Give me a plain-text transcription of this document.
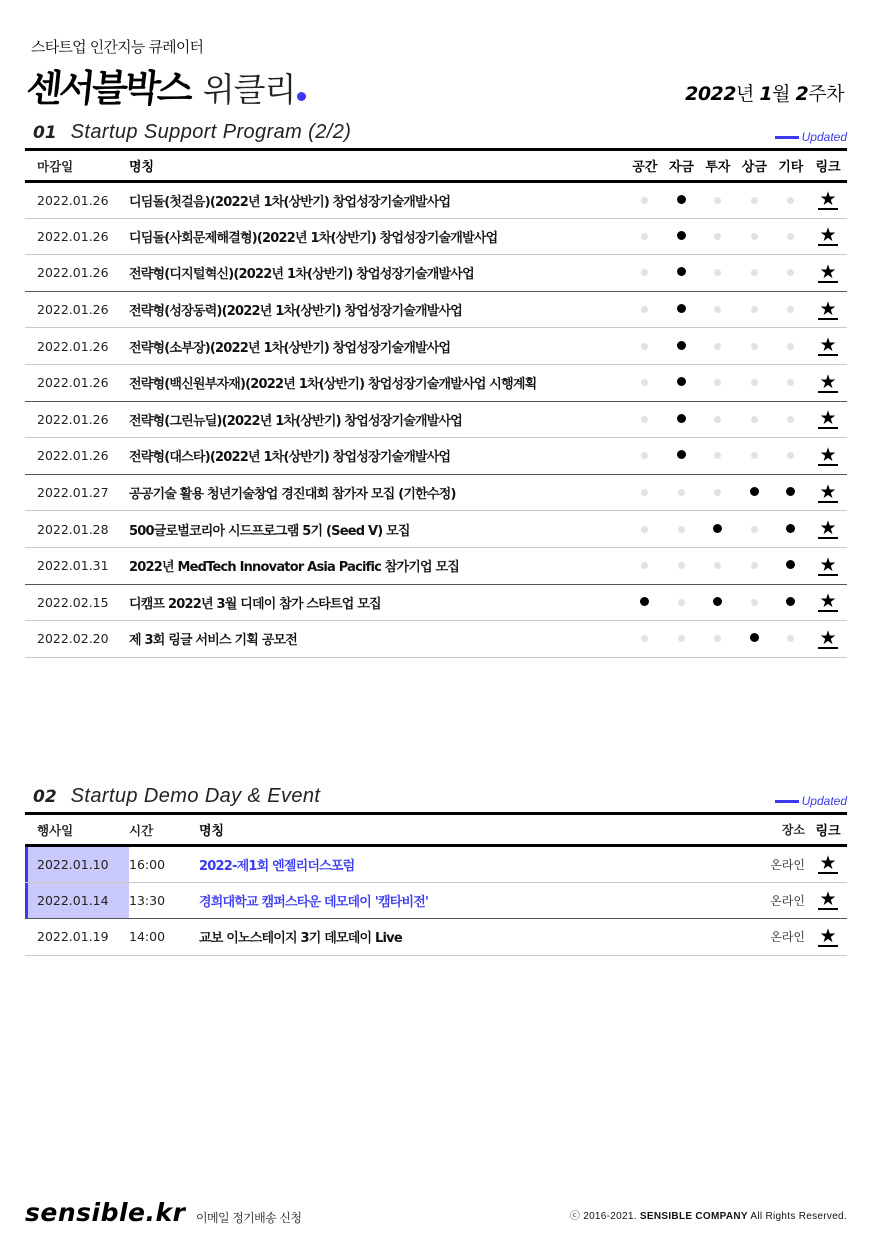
스타트업 인간지능 큐레이터
센서블박스 위클리	2022년 1월 2주차
01 Startup Support Program (2/2)	Updated
마감일	명칭	공간	자금	투자	상금	기타	링크
2022.01.26	디딤돌(첫걸음)(2022년 1차(상반기) 창업성장기술개발사업						★
2022.01.26	디딤돌(사회문제해결형)(2022년 1차(상반기) 창업성장기술개발사업						★
2022.01.26	전략형(디지털혁신)(2022년 1차(상반기) 창업성장기술개발사업						★
2022.01.26	전략형(성장동력)(2022년 1차(상반기) 창업성장기술개발사업						★
2022.01.26	전략형(소부장)(2022년 1차(상반기) 창업성장기술개발사업						★
2022.01.26	전략형(백신원부자재)(2022년 1차(상반기) 창업성장기술개발사업 시행계획						★
2022.01.26	전략형(그린뉴딜)(2022년 1차(상반기) 창업성장기술개발사업						★
2022.01.26	전략형(대스타)(2022년 1차(상반기) 창업성장기술개발사업						★
2022.01.27	공공기술 활용 청년기술창업 경진대회 참가자 모집 (기한수정)						★
2022.01.28	500글로벌코리아 시드프로그램 5기 (Seed V) 모집						★
2022.01.31	2022년 MedTech Innovator Asia Pacific 참가기업 모집						★
2022.02.15	디캠프 2022년 3월 디데이 참가 스타트업 모집						★
2022.02.20	제 3회 링글 서비스 기획 공모전						★
02 Startup Demo Day & Event	Updated
행사일	시간	명칭	장소	링크
2022.01.10	16:00	2022-제1회 엔젤리더스포럼	온라인	★
2022.01.14	13:30	경희대학교 캠퍼스타운 데모데이 '캠타비전'	온라인	★
2022.01.19	14:00	교보 이노스테이지 3기 데모데이 Live	온라인	★
sensible.kr 이메일 정기배송 신청	ⓒ 2016-2021. SENSIBLE COMPANY All Rights Reserved.
